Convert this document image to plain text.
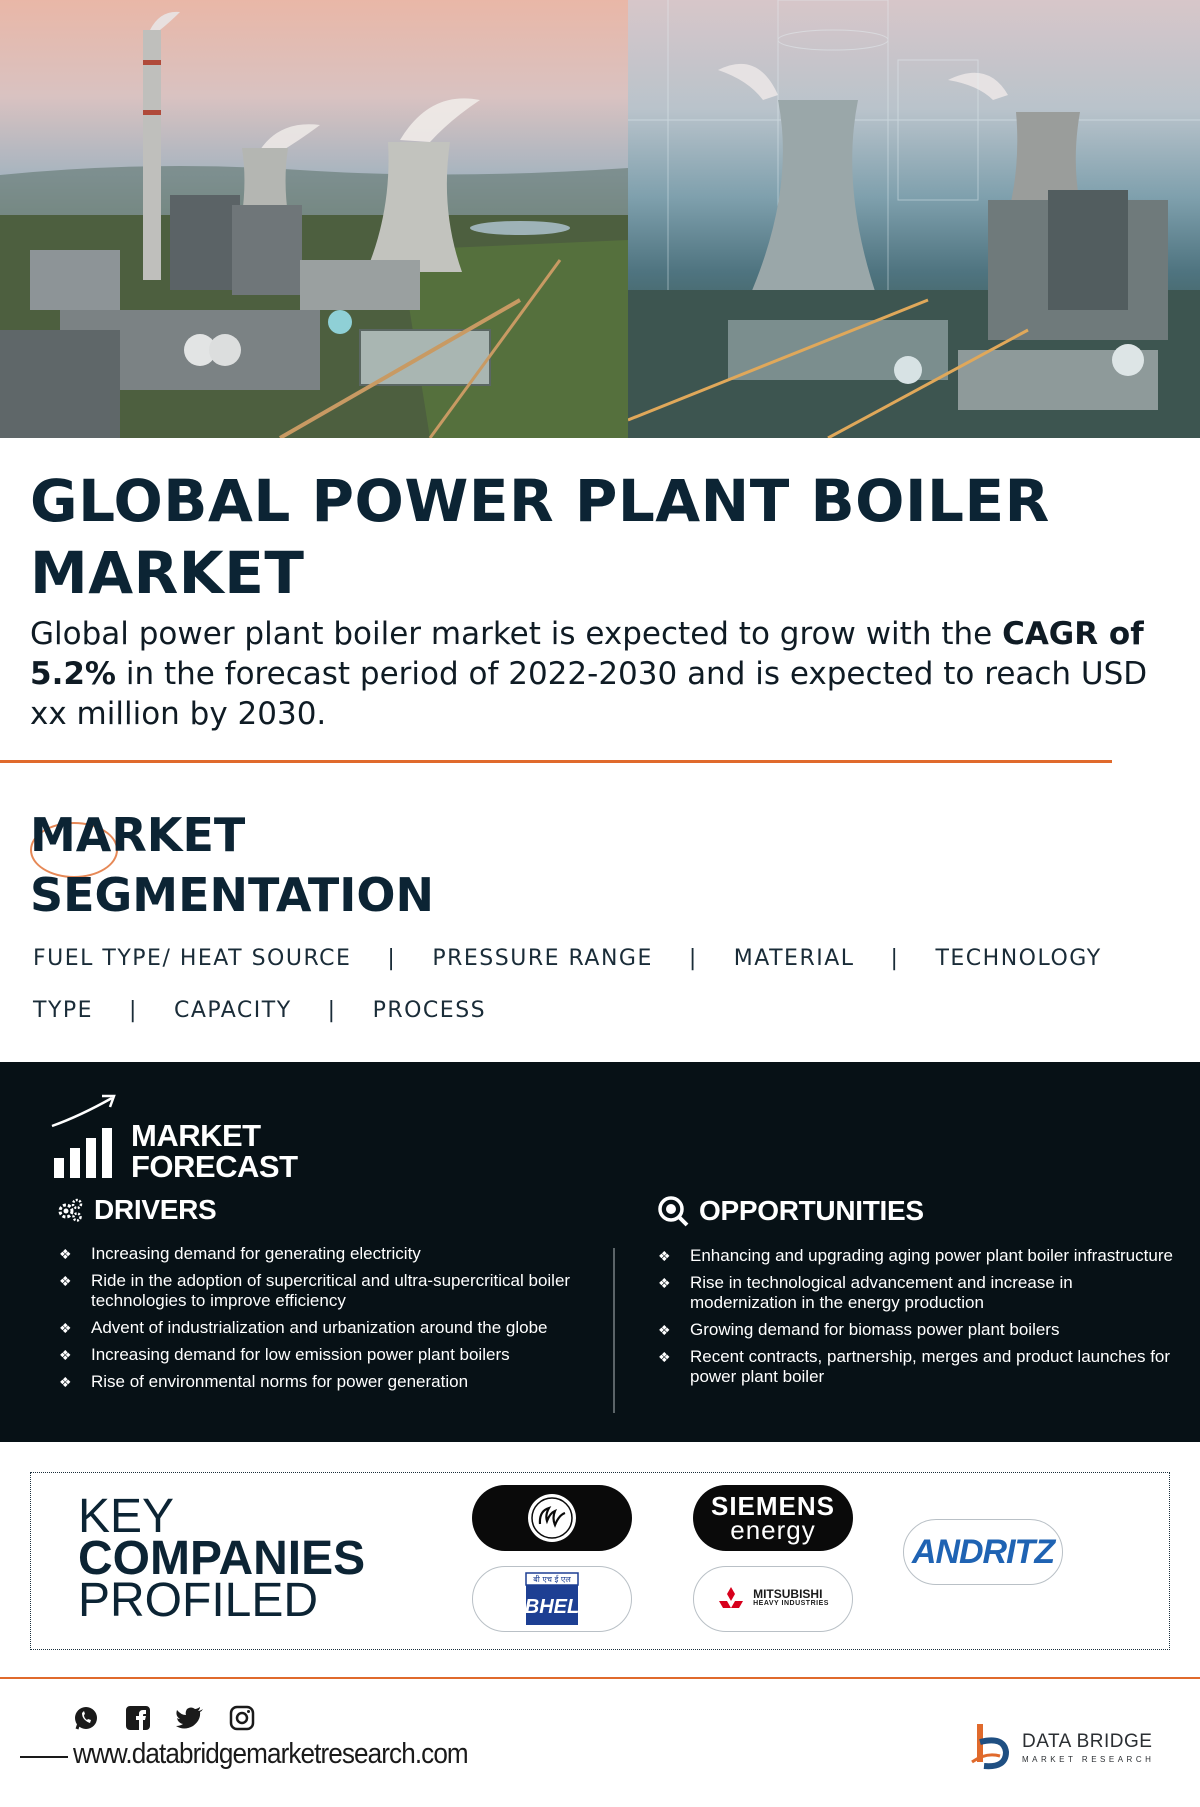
GLOBAL POWER PLANT BOILER MARKET

Global power plant boiler market is expected to grow with the CAGR of 5.2% in the forecast period of 2022-2030 and is expected to reach USD xx million by 2030.

MARKET SEGMENTATION
FUEL TYPE/ HEAT SOURCE | PRESSURE RANGE | MATERIAL | TECHNOLOGY
TYPE | CAPACITY | PROCESS
MARKET
FORECAST
DRIVERS
❖ Increasing demand for generating electricity
❖ Ride in the adoption of supercritical and ultra-supercritical boiler technologies to improve efficiency
❖ Advent of industrialization and urbanization around the globe
❖ Increasing demand for low emission power plant boilers
❖ Rise of environmental norms for power generation
OPPORTUNITIES
❖ Enhancing and upgrading aging power plant boiler infrastructure
❖ Rise in technological advancement and increase in modernization in the energy production
❖ Growing demand for biomass power plant boilers
❖ Recent contracts, partnership, merges and product launches for power plant boiler
KEY
COMPANIES
PROFILED
SIEMENS
energy
ANDRITZ
बी एच ई एल
BHEL
MITSUBISHI
HEAVY INDUSTRIES
www.databridgemarketresearch.com	DATA BRIDGE
MARKET RESEARCH
